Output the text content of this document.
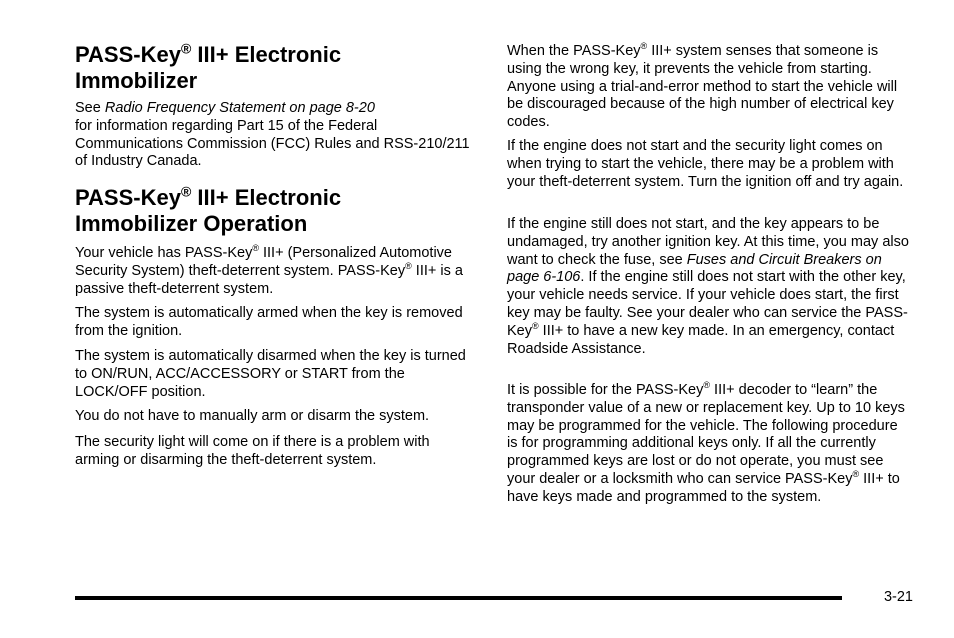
PASS-Key® III+ Electronic
Immobilizer

See Radio Frequency Statement on page 8-20
for information regarding Part 15 of the Federal Communications Commission (FCC) Rules and RSS-210/211 of Industry Canada.

PASS-Key® III+ Electronic
Immobilizer Operation

Your vehicle has PASS-Key® III+ (Personalized Automotive Security System) theft-deterrent system. PASS-Key® III+ is a passive theft-deterrent system.

The system is automatically armed when the key is removed from the ignition.

The system is automatically disarmed when the key is turned to ON/RUN, ACC/ACCESSORY or START from the LOCK/OFF position.

You do not have to manually arm or disarm the system.

The security light will come on if there is a problem with arming or disarming the theft-deterrent system.

When the PASS-Key® III+ system senses that someone is using the wrong key, it prevents the vehicle from starting. Anyone using a trial-and-error method to start the vehicle will be discouraged because of the high number of electrical key codes.

If the engine does not start and the security light comes on when trying to start the vehicle, there may be a problem with your theft-deterrent system. Turn the ignition off and try again.

If the engine still does not start, and the key appears to be undamaged, try another ignition key. At this time, you may also want to check the fuse, see Fuses and Circuit Breakers on page 6-106. If the engine still does not start with the other key, your vehicle needs service. If your vehicle does start, the first key may be faulty. See your dealer who can service the PASS-Key® III+ to have a new key made. In an emergency, contact Roadside Assistance.

It is possible for the PASS-Key® III+ decoder to “learn” the transponder value of a new or replacement key. Up to 10 keys may be programmed for the vehicle. The following procedure is for programming additional keys only. If all the currently programmed keys are lost or do not operate, you must see your dealer or a locksmith who can service PASS-Key® III+ to have keys made and programmed to the system.

3-21
